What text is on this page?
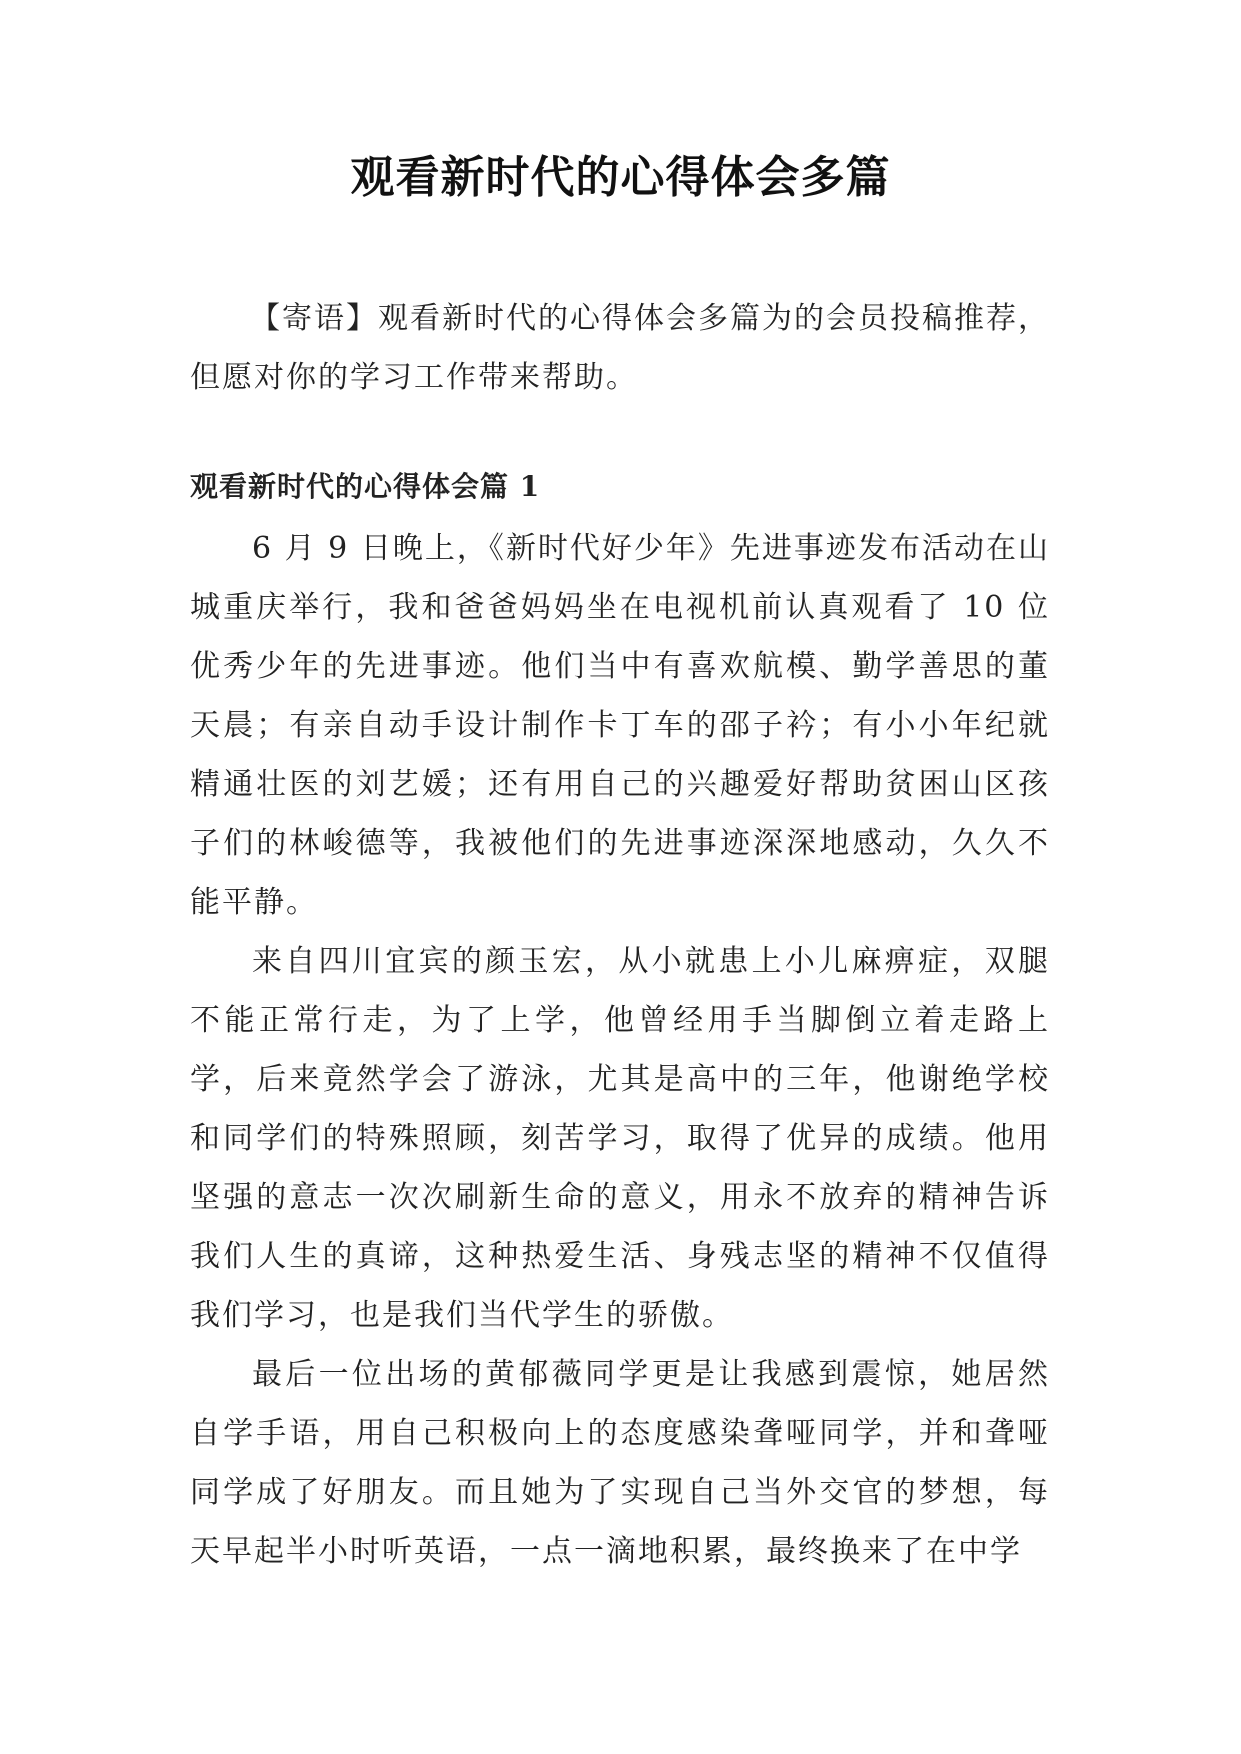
观看新时代的心得体会多篇

【寄语】观看新时代的心得体会多篇为的会员投稿推荐，但愿对你的学习工作带来帮助。

观看新时代的心得体会篇 1

6 月 9 日晚上，《新时代好少年》先进事迹发布活动在山城重庆举行，我和爸爸妈妈坐在电视机前认真观看了 10 位优秀少年的先进事迹。他们当中有喜欢航模、勤学善思的董天晨；有亲自动手设计制作卡丁车的邵子衿；有小小年纪就精通壮医的刘艺媛；还有用自己的兴趣爱好帮助贫困山区孩子们的林峻德等，我被他们的先进事迹深深地感动，久久不能平静。

来自四川宜宾的颜玉宏，从小就患上小儿麻痹症，双腿不能正常行走，为了上学，他曾经用手当脚倒立着走路上学，后来竟然学会了游泳，尤其是高中的三年，他谢绝学校和同学们的特殊照顾，刻苦学习，取得了优异的成绩。他用坚强的意志一次次刷新生命的意义，用永不放弃的精神告诉我们人生的真谛，这种热爱生活、身残志坚的精神不仅值得我们学习，也是我们当代学生的骄傲。

最后一位出场的黄郁薇同学更是让我感到震惊，她居然自学手语，用自己积极向上的态度感染聋哑同学，并和聋哑同学成了好朋友。而且她为了实现自己当外交官的梦想，每天早起半小时听英语，一点一滴地积累，最终换来了在中学
